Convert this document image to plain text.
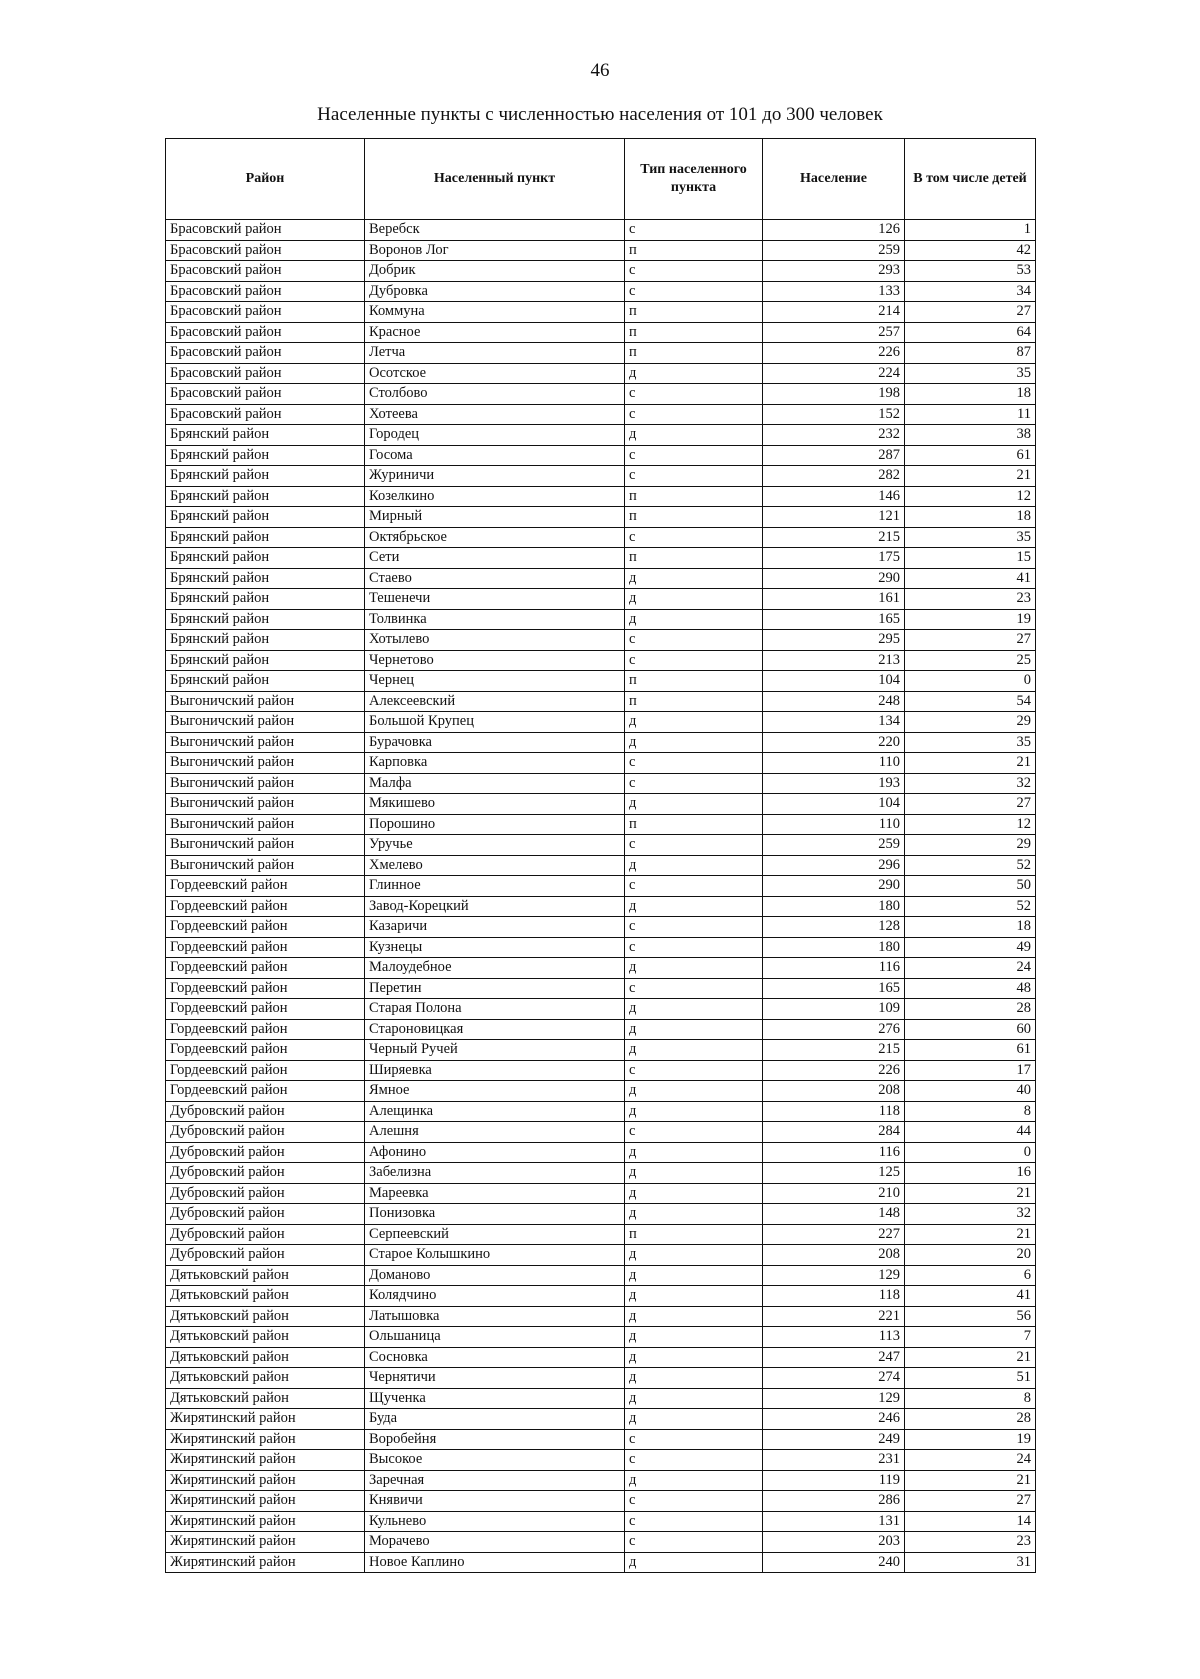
46
Населенные пункты с численностью населения от 101 до 300 человек
Район	Населенный пункт	Тип населенного пункта	Население	В том числе детей
Брасовский район	Веребск	с	126	1
Брасовский район	Воронов Лог	п	259	42
Брасовский район	Добрик	с	293	53
Брасовский район	Дубровка	с	133	34
Брасовский район	Коммуна	п	214	27
Брасовский район	Красное	п	257	64
Брасовский район	Летча	п	226	87
Брасовский район	Осотское	д	224	35
Брасовский район	Столбово	с	198	18
Брасовский район	Хотеева	с	152	11
Брянский район	Городец	д	232	38
Брянский район	Госома	с	287	61
Брянский район	Журиничи	с	282	21
Брянский район	Козелкино	п	146	12
Брянский район	Мирный	п	121	18
Брянский район	Октябрьское	с	215	35
Брянский район	Сети	п	175	15
Брянский район	Стаево	д	290	41
Брянский район	Тешенечи	д	161	23
Брянский район	Толвинка	д	165	19
Брянский район	Хотылево	с	295	27
Брянский район	Чернетово	с	213	25
Брянский район	Чернец	п	104	0
Выгоничский район	Алексеевский	п	248	54
Выгоничский район	Большой Крупец	д	134	29
Выгоничский район	Бурачовка	д	220	35
Выгоничский район	Карповка	с	110	21
Выгоничский район	Малфа	с	193	32
Выгоничский район	Мякишево	д	104	27
Выгоничский район	Порошино	п	110	12
Выгоничский район	Уручье	с	259	29
Выгоничский район	Хмелево	д	296	52
Гордеевский район	Глинное	с	290	50
Гордеевский район	Завод-Корецкий	д	180	52
Гордеевский район	Казаричи	с	128	18
Гордеевский район	Кузнецы	с	180	49
Гордеевский район	Малоудебное	д	116	24
Гордеевский район	Перетин	с	165	48
Гордеевский район	Старая Полона	д	109	28
Гордеевский район	Староновицкая	д	276	60
Гордеевский район	Черный Ручей	д	215	61
Гордеевский район	Ширяевка	с	226	17
Гордеевский район	Ямное	д	208	40
Дубровский район	Алещинка	д	118	8
Дубровский район	Алешня	с	284	44
Дубровский район	Афонино	д	116	0
Дубровский район	Забелизна	д	125	16
Дубровский район	Мареевка	д	210	21
Дубровский район	Понизовка	д	148	32
Дубровский район	Серпеевский	п	227	21
Дубровский район	Старое Колышкино	д	208	20
Дятьковский район	Доманово	д	129	6
Дятьковский район	Колядчино	д	118	41
Дятьковский район	Латышовка	д	221	56
Дятьковский район	Ольшаница	д	113	7
Дятьковский район	Сосновка	д	247	21
Дятьковский район	Чернятичи	д	274	51
Дятьковский район	Щученка	д	129	8
Жирятинский район	Буда	д	246	28
Жирятинский район	Воробейня	с	249	19
Жирятинский район	Высокое	с	231	24
Жирятинский район	Заречная	д	119	21
Жирятинский район	Княвичи	с	286	27
Жирятинский район	Кульнево	с	131	14
Жирятинский район	Морачево	с	203	23
Жирятинский район	Новое Каплино	д	240	31
